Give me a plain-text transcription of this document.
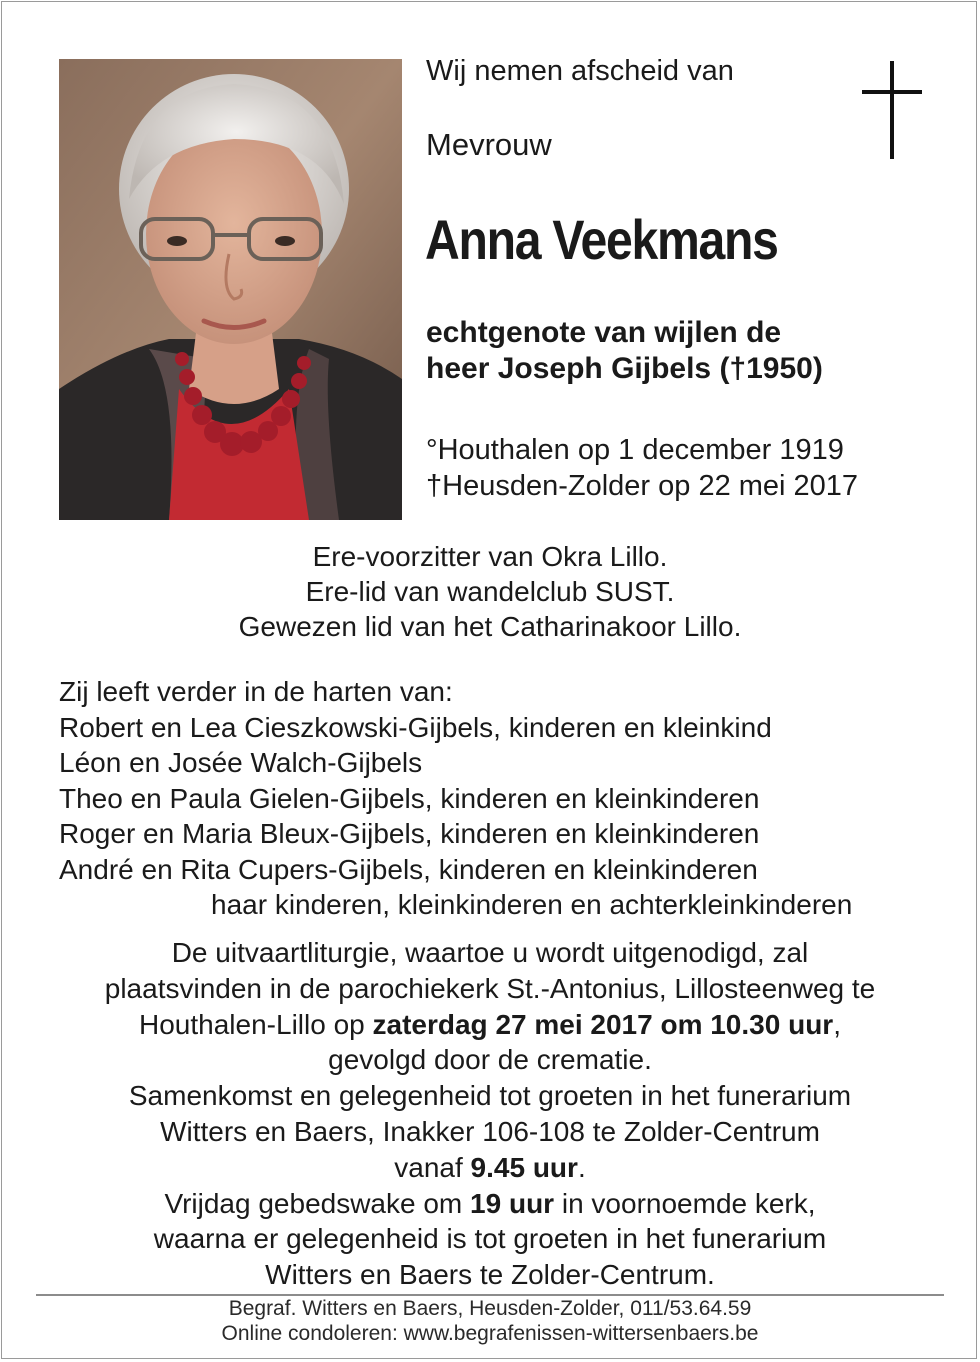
Wij nemen afscheid van
Mevrouw
Anna Veekmans
echtgenote van wijlen de
heer Joseph Gijbels (†1950)
°Houthalen op 1 december 1919
†Heusden-Zolder op 22 mei 2017
Ere-voorzitter van Okra Lillo.
Ere-lid van wandelclub SUST.
Gewezen lid van het Catharinakoor Lillo.
Zij leeft verder in de harten van:
Robert en Lea Cieszkowski-Gijbels, kinderen en kleinkind
Léon en Josée Walch-Gijbels
Theo en Paula Gielen-Gijbels, kinderen en kleinkinderen
Roger en Maria Bleux-Gijbels, kinderen en kleinkinderen
André en Rita Cupers-Gijbels, kinderen en kleinkinderen
haar kinderen, kleinkinderen en achterkleinkinderen
De uitvaartliturgie, waartoe u wordt uitgenodigd, zal
plaatsvinden in de parochiekerk St.-Antonius, Lillosteenweg te
Houthalen-Lillo op zaterdag 27 mei 2017 om 10.30 uur,
gevolgd door de crematie.
Samenkomst en gelegenheid tot groeten in het funerarium
Witters en Baers, Inakker 106-108 te Zolder-Centrum
vanaf 9.45 uur.
Vrijdag gebedswake om 19 uur in voornoemde kerk,
waarna er gelegenheid is tot groeten in het funerarium
Witters en Baers te Zolder-Centrum.
Begraf. Witters en Baers, Heusden-Zolder, 011/53.64.59
Online condoleren: www.begrafenissen-wittersenbaers.be
